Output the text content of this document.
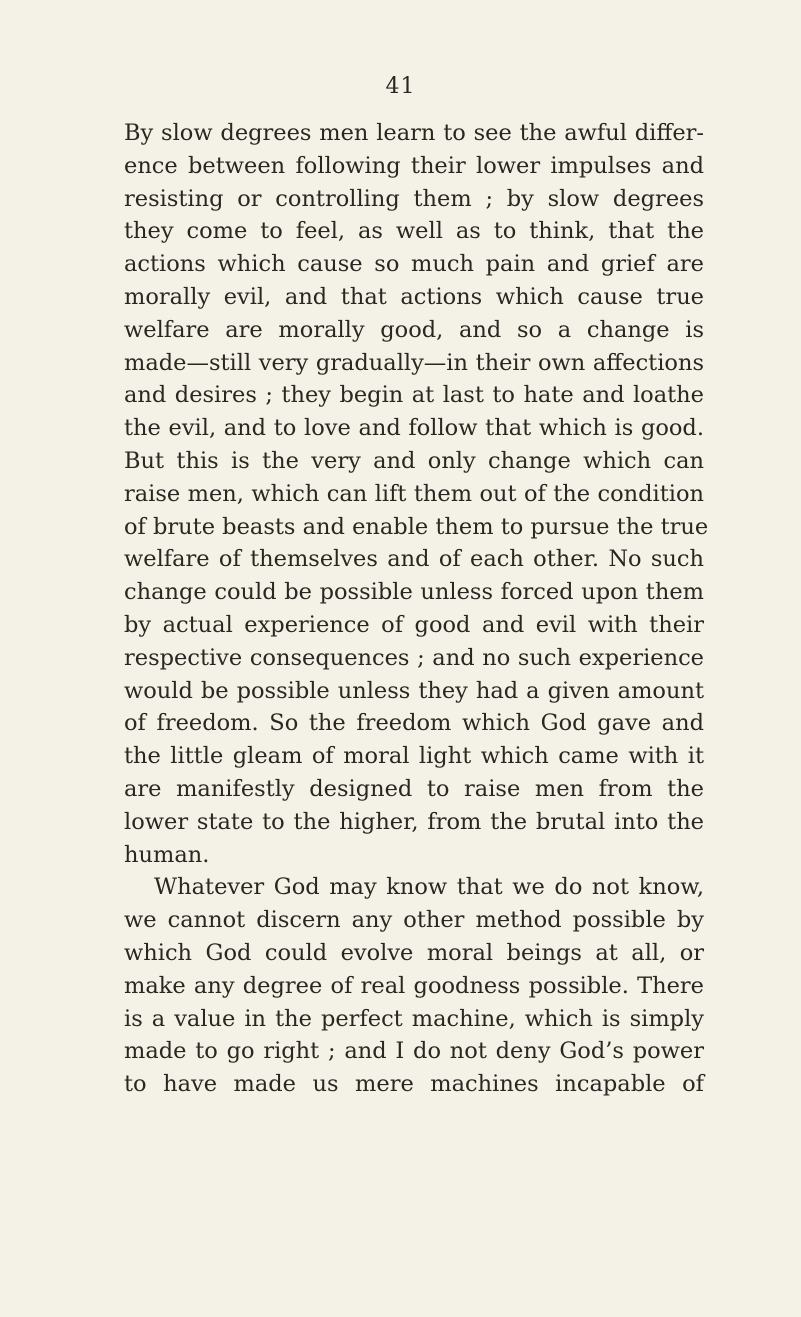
41
By slow degrees men learn to see the awful differ-
ence between following their lower impulses and
resisting or controlling them ; by slow degrees
they come to feel, as well as to think, that the
actions which cause so much pain and grief are
morally evil, and that actions which cause true
welfare are morally good, and so a change is
made—still very gradually—in their own affections
and desires ; they begin at last to hate and loathe
the evil, and to love and follow that which is good.
But this is the very and only change which can
raise men, which can lift them out of the condition
of brute beasts and enable them to pursue the true
welfare of themselves and of each other. No such
change could be possible unless forced upon them
by actual experience of good and evil with their
respective consequences ; and no such experience
would be possible unless they had a given amount
of freedom. So the freedom which God gave and
the little gleam of moral light which came with it
are manifestly designed to raise men from the
lower state to the higher, from the brutal into the
human.
Whatever God may know that we do not know,
we cannot discern any other method possible by
which God could evolve moral beings at all, or
make any degree of real goodness possible. There
is a value in the perfect machine, which is simply
made to go right ; and I do not deny God’s power
to have made us mere machines incapable of
